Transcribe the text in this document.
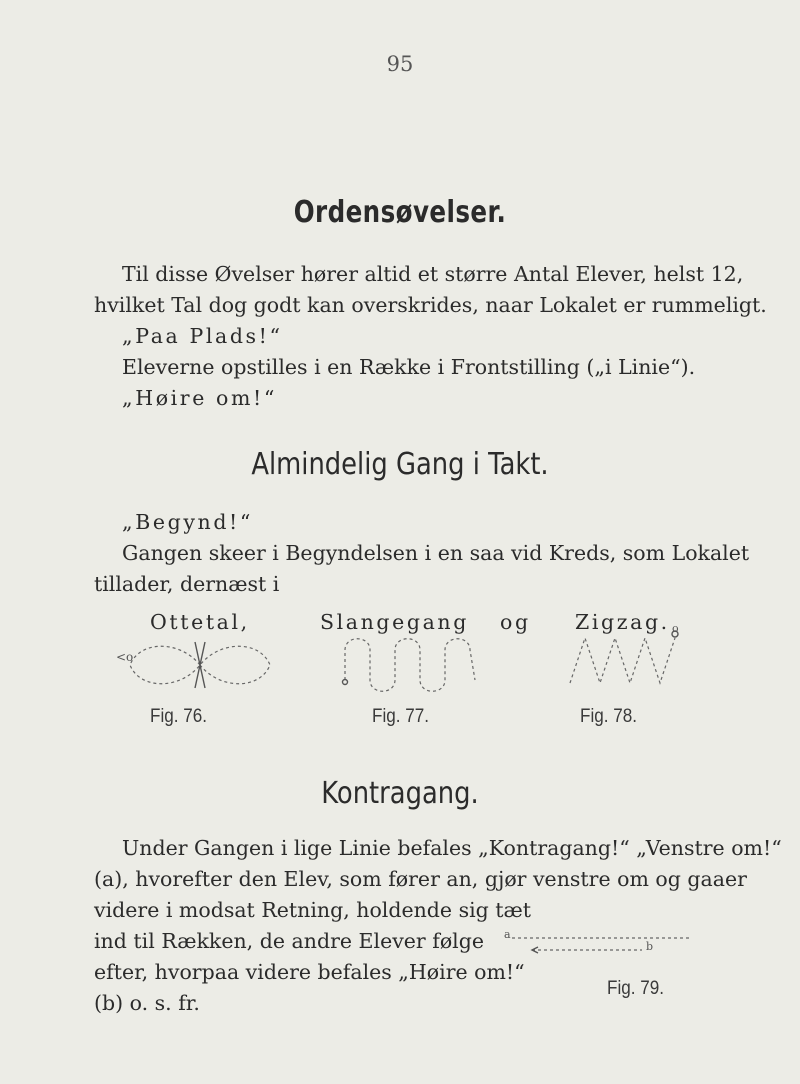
95
Ordensøvelser.
Til disse Øvelser hører altid et større Antal Elever, helst 12,
hvilket Tal dog godt kan overskrides, naar Lokalet er rummeligt.
„Paa Plads!“
Eleverne opstilles i en Række i Frontstilling („i Linie“).
„Høire om!“
Almindelig Gang i Takt.
„Begynd!“
Gangen skeer i Begyndelsen i en saa vid Kreds, som Lokalet
tillader, dernæst i
Ottetal,	Slangegang og Zigzag.
<o
o
Fig. 76.	Fig. 77.	Fig. 78.
Kontragang.
Under Gangen i lige Linie befales „Kontragang!“ „Venstre om!“
(a), hvorefter den Elev, som fører an, gjør venstre om og gaaer
videre i modsat Retning, holdende sig tæt
ind til Rækken, de andre Elever følge
efter, hvorpaa videre befales „Høire om!“
(b) o. s. fr.
a
b
Fig. 79.
